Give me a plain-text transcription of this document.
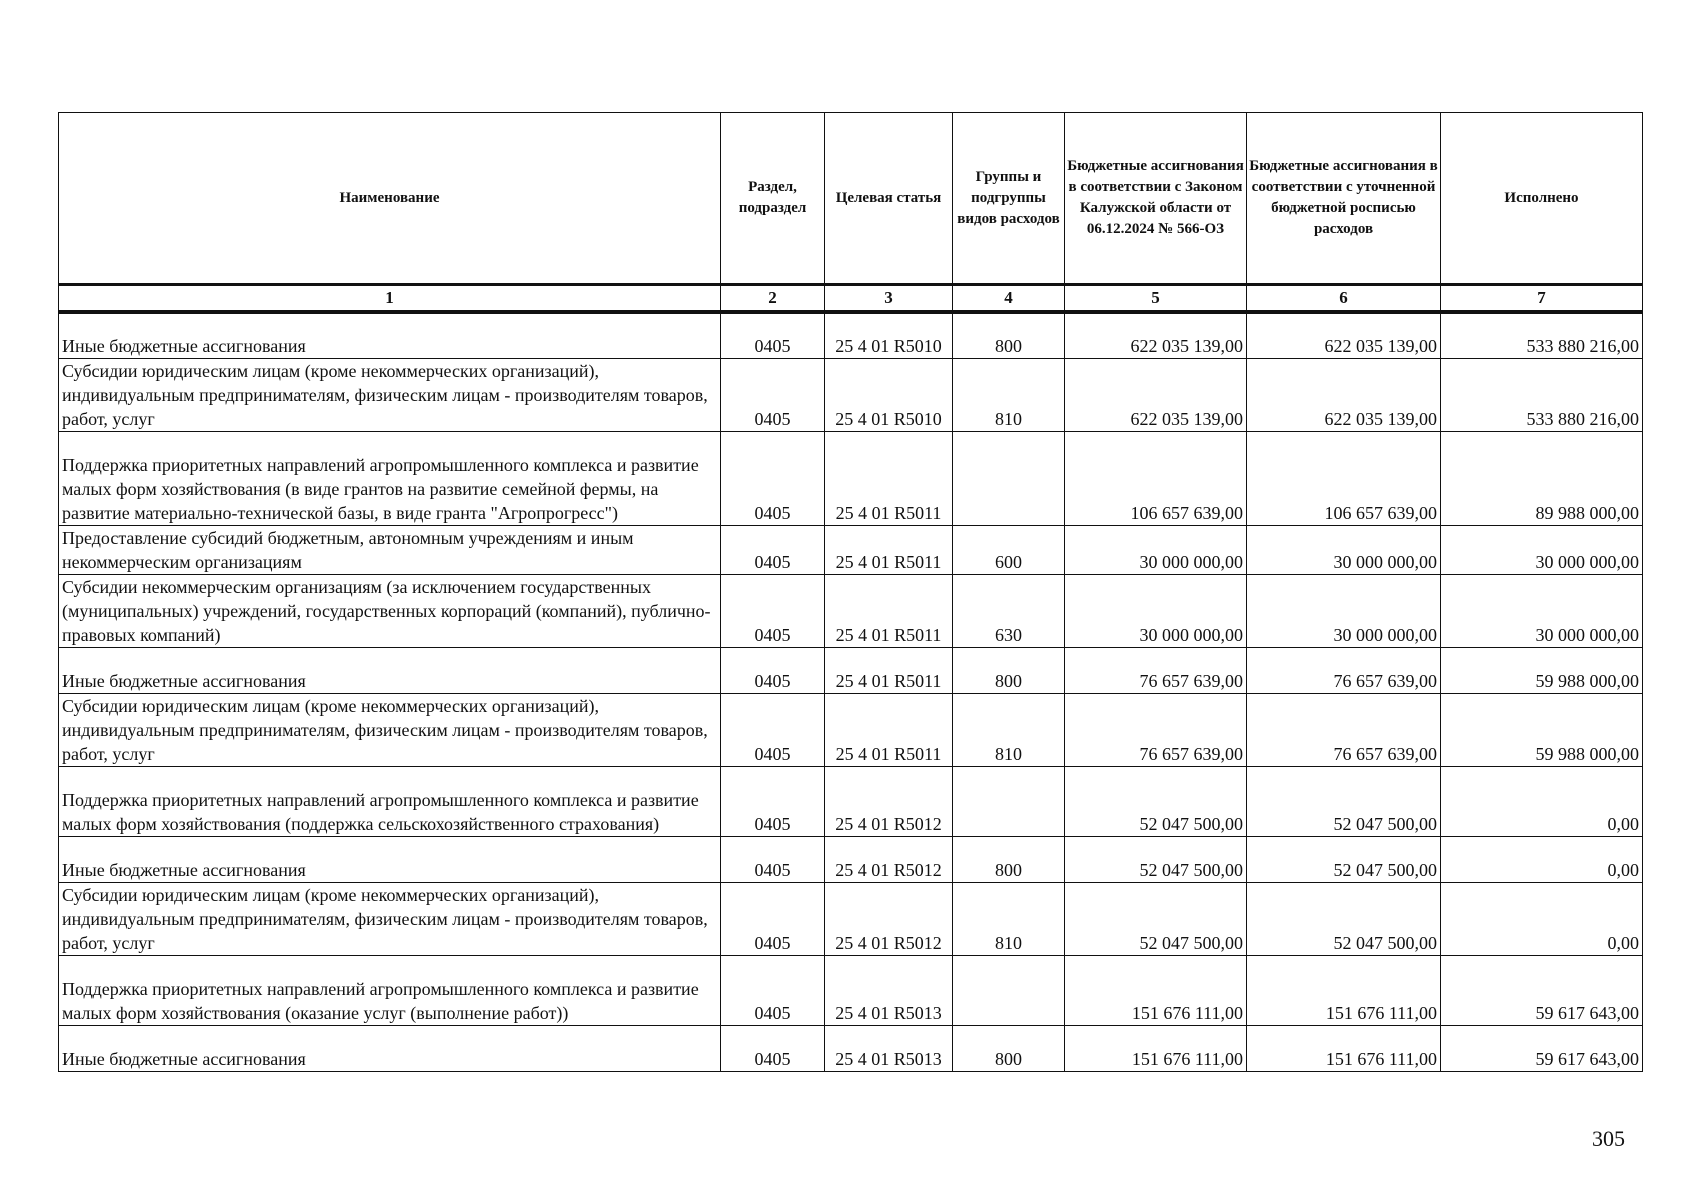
Наименование	Раздел, подраздел	Целевая статья	Группы и подгруппы видов расходов	Бюджетные ассигнования в соответствии с Законом Калужской области от 06.12.2024 № 566-ОЗ	Бюджетные ассигнования в соответствии с уточненной бюджетной росписью расходов	Исполнено
1	2	3	4	5	6	7
Иные бюджетные ассигнования	0405	25 4 01 R5010	800	622 035 139,00	622 035 139,00	533 880 216,00
Субсидии юридическим лицам (кроме некоммерческих организаций), индивидуальным предпринимателям, физическим лицам - производителям товаров, работ, услуг	0405	25 4 01 R5010	810	622 035 139,00	622 035 139,00	533 880 216,00
Поддержка приоритетных направлений агропромышленного комплекса и развитие малых форм хозяйствования (в виде грантов на развитие семейной фермы, на развитие материально-технической базы, в виде гранта "Агропрогресс")	0405	25 4 01 R5011		106 657 639,00	106 657 639,00	89 988 000,00
Предоставление субсидий бюджетным, автономным учреждениям и иным некоммерческим организациям	0405	25 4 01 R5011	600	30 000 000,00	30 000 000,00	30 000 000,00
Субсидии некоммерческим организациям (за исключением государственных (муниципальных) учреждений, государственных корпораций (компаний), публично-правовых компаний)	0405	25 4 01 R5011	630	30 000 000,00	30 000 000,00	30 000 000,00
Иные бюджетные ассигнования	0405	25 4 01 R5011	800	76 657 639,00	76 657 639,00	59 988 000,00
Субсидии юридическим лицам (кроме некоммерческих организаций), индивидуальным предпринимателям, физическим лицам - производителям товаров, работ, услуг	0405	25 4 01 R5011	810	76 657 639,00	76 657 639,00	59 988 000,00
Поддержка приоритетных направлений агропромышленного комплекса и развитие малых форм хозяйствования (поддержка сельскохозяйственного страхования)	0405	25 4 01 R5012		52 047 500,00	52 047 500,00	0,00
Иные бюджетные ассигнования	0405	25 4 01 R5012	800	52 047 500,00	52 047 500,00	0,00
Субсидии юридическим лицам (кроме некоммерческих организаций), индивидуальным предпринимателям, физическим лицам - производителям товаров, работ, услуг	0405	25 4 01 R5012	810	52 047 500,00	52 047 500,00	0,00
Поддержка приоритетных направлений агропромышленного комплекса и развитие малых форм хозяйствования (оказание услуг (выполнение работ))	0405	25 4 01 R5013		151 676 111,00	151 676 111,00	59 617 643,00
Иные бюджетные ассигнования	0405	25 4 01 R5013	800	151 676 111,00	151 676 111,00	59 617 643,00
305
